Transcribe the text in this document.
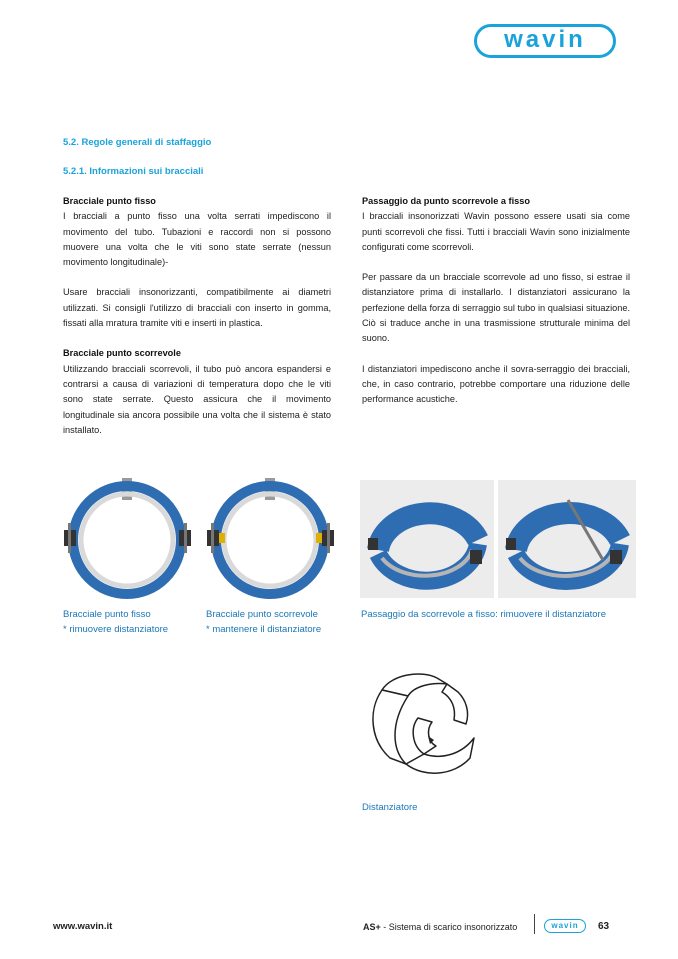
wavin
5.2. Regole generali di staffaggio
5.2.1. Informazioni sui bracciali
Bracciale punto fisso

I bracciali a punto fisso una volta serrati impediscono il movimento del tubo. Tubazioni e raccordi non si possono muovere una volta che le viti sono state serrate (nessun movimento longitudinale)-

Usare bracciali insonorizzanti, compatibilmente ai diametri utilizzati. Si consigli l'utilizzo di bracciali con inserto in gomma, fissati alla mratura tramite viti e inserti in plastica.

Bracciale punto scorrevole

Utilizzando bracciali scorrevoli, il tubo può ancora espandersi e contrarsi a causa di variazioni di temperatura dopo che le viti sono state serrate. Questo assicura che il movimento longitudinale sia ancora possibile una volta che il sistema è stato installato.

Passaggio da punto scorrevole a fisso

I bracciali insonorizzati Wavin possono essere usati sia come punti scorrevoli che fissi. Tutti i bracciali Wavin sono inizialmente configurati come scorrevoli.

Per passare da un bracciale scorrevole ad uno fisso, si estrae il distanziatore prima di installarlo. I distanziatori assicurano la perfezione della forza di serraggio sul tubo in qualsiasi situazione. Ciò si traduce anche in una trasmissione strutturale minima del suono.

I distanziatori impediscono anche il sovra-serraggio dei bracciali, che, in caso contrario, potrebbe comportare una riduzione delle performance acustiche.

Bracciale punto fisso
* rimuovere distanziatore
Bracciale punto scorrevole
* mantenere il distanziatore
Passaggio da scorrevole a fisso: rimuovere il distanziatore
Distanziatore
www.wavin.it	AS+ - Sistema di scarico insonorizzato	wavin	63
